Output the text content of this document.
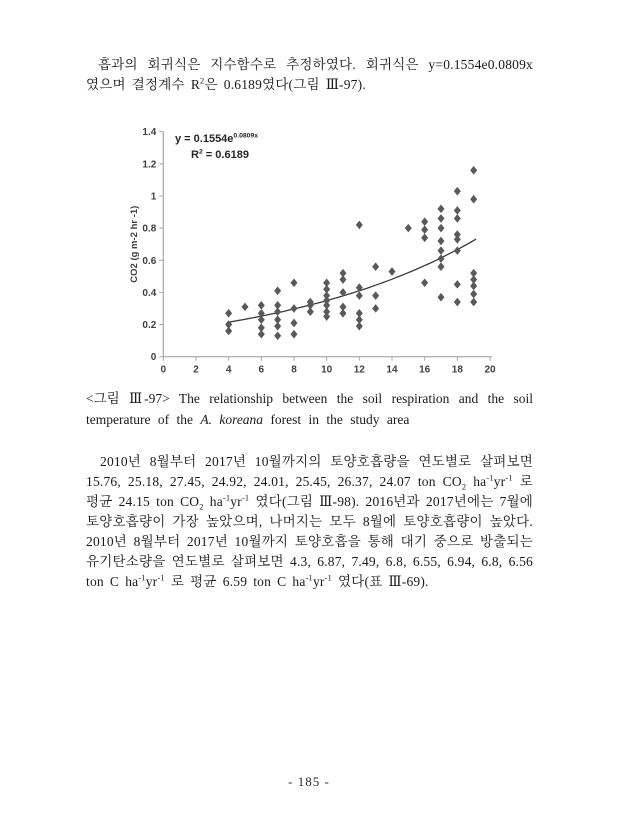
흡과의 회귀식은 지수함수로 추정하였다. 회귀식은 y=0.1554e0.0809x 였으며 결정계수 $R^2$은 0.6189였다(그림 Ⅲ-97).

0
0.2
0.4
0.6
0.8
1
1.2
1.4
0	2	4	6	8 10 12 14 16 18 20
CO2 (g m-2 hr -1)
$y = 0.1554e^{0.0809x}$
$R^2 = 0.6189$

<그림 Ⅲ-97> The relationship between the soil respiration and the soil temperature of the A. koreana forest in the study area

2010년 8월부터 2017년 10월까지의 토양호흡량을 연도별로 살펴보면 15.76, 25.18, 27.45, 24.92, 24.01, 25.45, 26.37, 24.07 ton $CO_2$ $ha^{-1}yr^{-1}$ 로 평균 24.15 ton $CO_2$ $ha^{-1}yr^{-1}$ 였다(그림 Ⅲ-98). 2016년과 2017년에는 7월에 토양호흡량이 가장 높았으며, 나머지는 모두 8월에 토양호흡량이 높았다. 2010년 8월부터 2017년 10월까지 토양호흡을 통해 대기 중으로 방출되는 유기탄소량을 연도별로 살펴보면 4.3, 6.87, 7.49, 6.8, 6.55, 6.94, 6.8, 6.56 ton C $ha^{-1}yr^{-1}$ 로 평균 6.59 ton C $ha^{-1}yr^{-1}$ 였다(표 Ⅲ-69).

- 185 -
